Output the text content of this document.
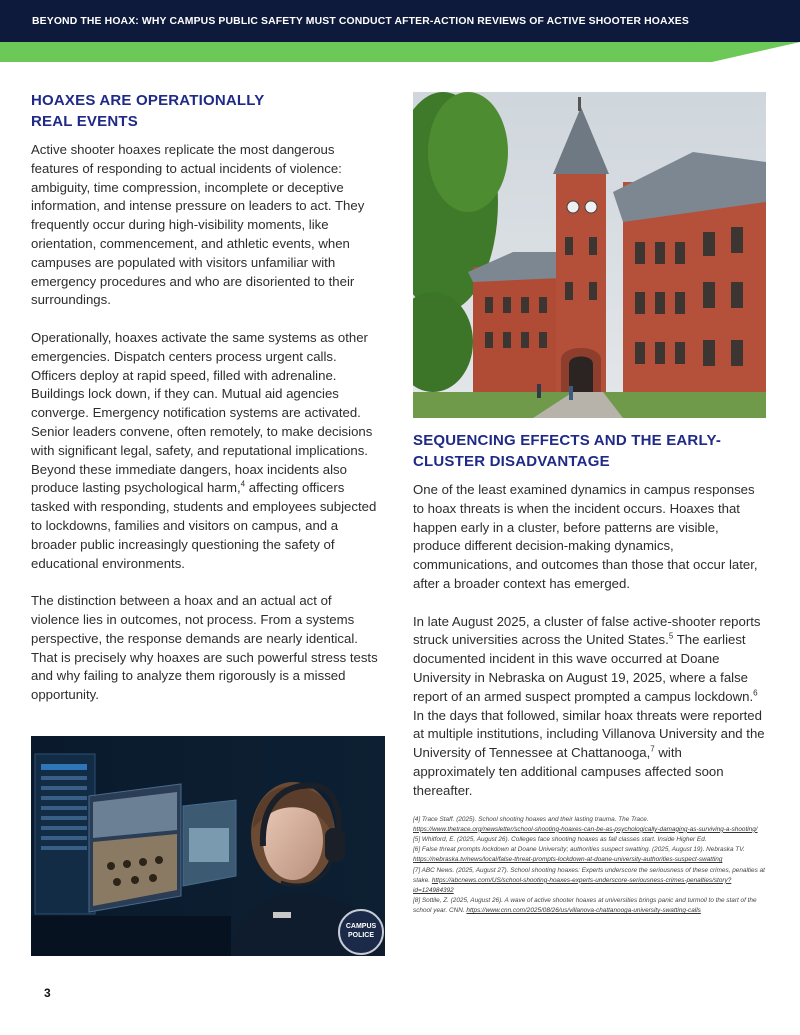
BEYOND THE HOAX: WHY CAMPUS PUBLIC SAFETY MUST CONDUCT AFTER-ACTION REVIEWS OF ACTIVE SHOOTER HOAXES
HOAXES ARE OPERATIONALLY
REAL EVENTS

Active shooter hoaxes replicate the most dangerous features of responding to actual incidents of violence: ambiguity, time compression, incomplete or deceptive information, and intense pressure on leaders to act. They frequently occur during high-visibility moments, like orientation, commencement, and athletic events, when campuses are populated with visitors unfamiliar with emergency procedures and who are disoriented to their surroundings.

Operationally, hoaxes activate the same systems as other emergencies. Dispatch centers process urgent calls. Officers deploy at rapid speed, filled with adrenaline. Buildings lock down, if they can. Mutual aid agencies converge. Emergency notification systems are activated. Senior leaders convene, often remotely, to make decisions with significant legal, safety, and reputational implications. Beyond these immediate dangers, hoax incidents also produce lasting psychological harm,$^4$ affecting officers tasked with responding, students and employees subjected to lockdowns, families and visitors on campus, and a broader public increasingly questioning the safety of educational environments.

The distinction between a hoax and an actual act of violence lies in outcomes, not process. From a systems perspective, the response demands are nearly identical. That is precisely why hoaxes are such powerful stress tests and why failing to analyze them rigorously is a missed opportunity.

CAMPUS
POLICE
SEQUENCING EFFECTS AND THE EARLY-
CLUSTER DISADVANTAGE

One of the least examined dynamics in campus responses to hoax threats is when the incident occurs. Hoaxes that happen early in a cluster, before patterns are visible, produce different decision-making dynamics, communications, and outcomes than those that occur later, after a broader context has emerged.

In late August 2025, a cluster of false active-shooter reports struck universities across the United States.$^5$ The earliest documented incident in this wave occurred at Doane University in Nebraska on August 19, 2025, where a false report of an armed suspect prompted a campus lockdown.$^6$ In the days that followed, similar hoax threats were reported at multiple institutions, including Villanova University and the University of Tennessee at Chattanooga,$^7$ with approximately ten additional campuses affected soon thereafter.

[4] Trace Staff. (2025). School shooting hoaxes and their lasting trauma. The Trace.
https://www.thetrace.org/newsletter/school-shooting-hoaxes-can-be-as-psychologically-damaging-as-surviving-a-shooting/

[5] Whitford, E. (2025, August 26). Colleges face shooting hoaxes as fall classes start. Inside Higher Ed.

[6] False threat prompts lockdown at Doane University; authorities suspect swatting. (2025, August 19). Nebraska TV. https://nebraska.tv/news/local/false-threat-prompts-lockdown-at-doane-university-authorities-suspect-swatting

[7] ABC News. (2025, August 27). School shooting hoaxes: Experts underscore the seriousness of these crimes, penalties at stake. https://abcnews.com/US/school-shooting-hoaxes-experts-underscore-seriousness-crimes-penalties/story?id=124984392

[8] Sottile, Z. (2025, August 26). A wave of active shooter hoaxes at universities brings panic and turmoil to the start of the school year. CNN. https://www.cnn.com/2025/08/26/us/villanova-chattanooga-university-swatting-calls

3
